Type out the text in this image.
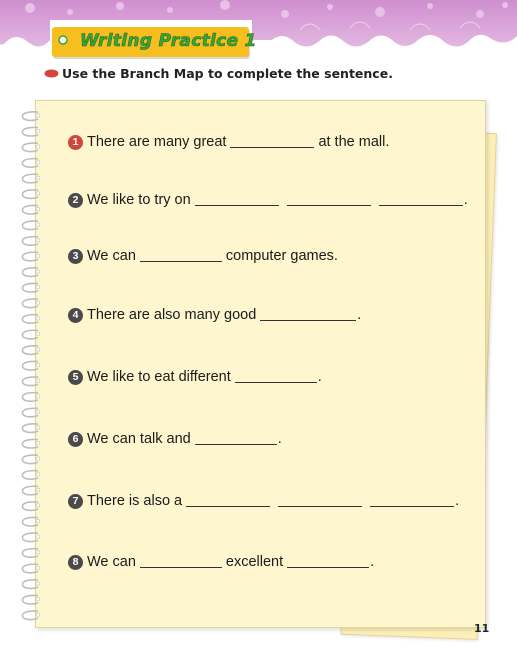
Writing Practice 1
Use the Branch Map to complete the sentence.
1 There are many great	at the mall.
2 We like to try on	.
3 We can	computer games.
4 There are also many good	.
5 We like to eat different	.
6 We can talk and	.
7 There is also a	.
8 We can	excellent	.
11
